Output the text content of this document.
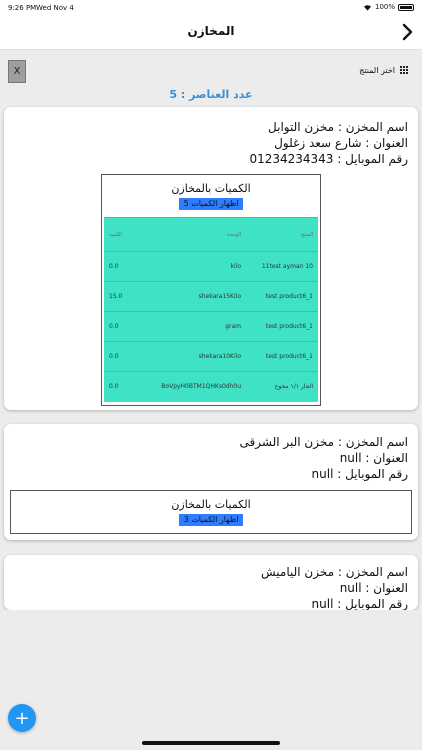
9:26 PM Wed Nov 4	100%
المخازن
X	اختر المنتج
عدد العناصر : 5
اسم المخزن : مخزن التوابل
العنوان : شارع سعد زغلول
رقم الموبايل : 01234234343
الكميات بالمخازن
اظهار الكميات 5
الكمية	الوحدة	المنتج
0.0	kilo	11test ayman 10
15.0	shekara15Kilo	test product6_1
0.0	gram	test product6_1
0.0	shekara10Kilo	test product6_1
0.0	BoVpyH0BTM1QHKs0dh0u	الجار ١/١ مجوج
اسم المخزن : مخزن البر الشرقى
العنوان : null
رقم الموبايل : null
الكميات بالمخازن
اظهار الكميات 3
اسم المخزن : مخزن الياميش
العنوان : null
رقم الموبايل : null
+
